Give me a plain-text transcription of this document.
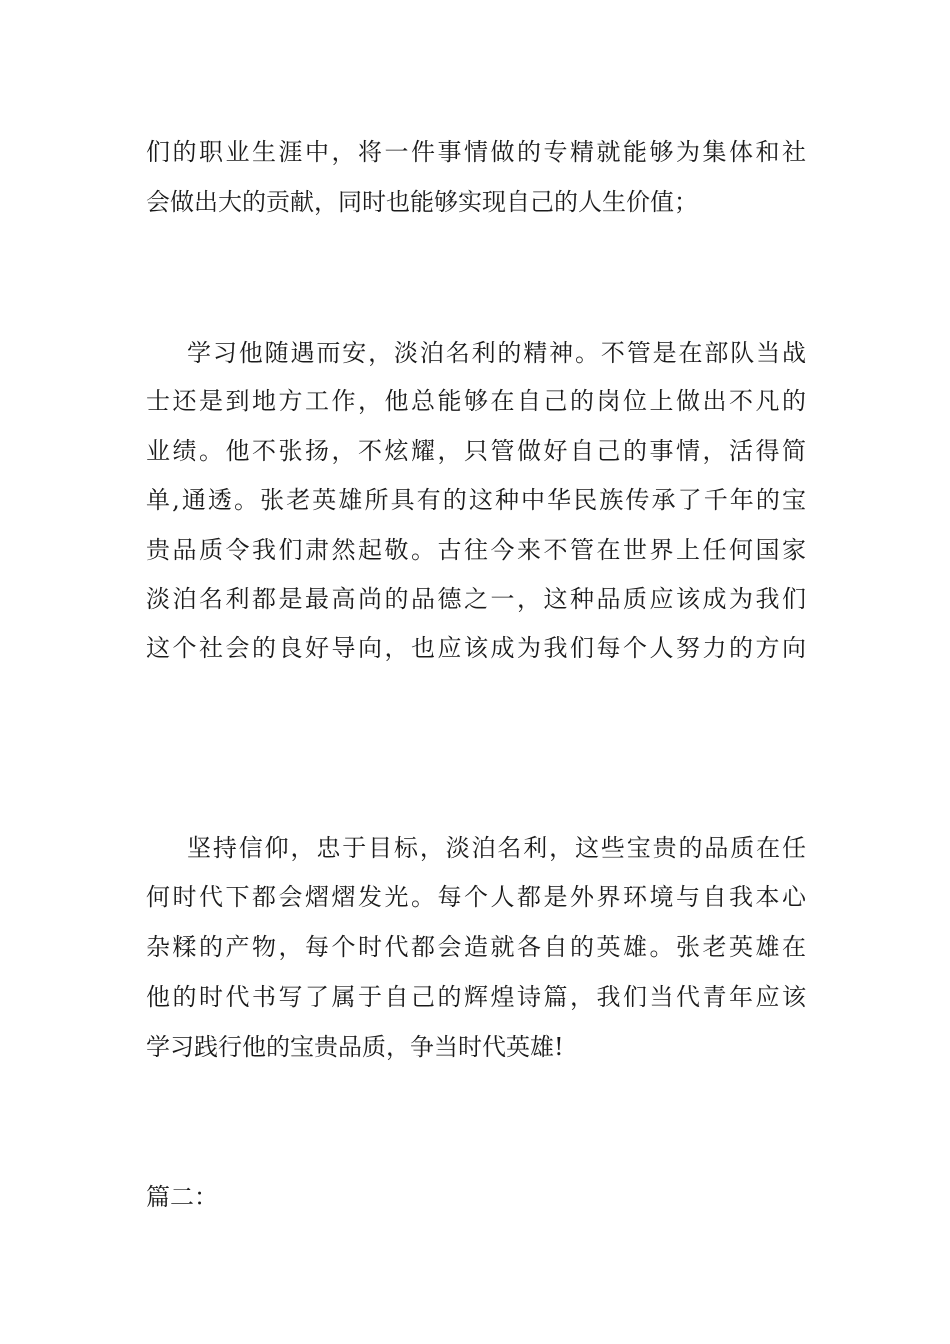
们的职业生涯中，将一件事情做的专精就能够为集体和社
会做出大的贡献，同时也能够实现自己的人生价值；
学习他随遇而安，淡泊名利的精神。不管是在部队当战
士还是到地方工作，他总能够在自己的岗位上做出不凡的
业绩。他不张扬，不炫耀，只管做好自己的事情，活得简
单,通透。张老英雄所具有的这种中华民族传承了千年的宝
贵品质令我们肃然起敬。古往今来不管在世界上任何国家
淡泊名利都是最高尚的品德之一，这种品质应该成为我们
这个社会的良好导向，也应该成为我们每个人努力的方向
坚持信仰，忠于目标，淡泊名利，这些宝贵的品质在任
何时代下都会熠熠发光。每个人都是外界环境与自我本心
杂糅的产物，每个时代都会造就各自的英雄。张老英雄在
他的时代书写了属于自己的辉煌诗篇，我们当代青年应该
学习践行他的宝贵品质，争当时代英雄!
篇二：
